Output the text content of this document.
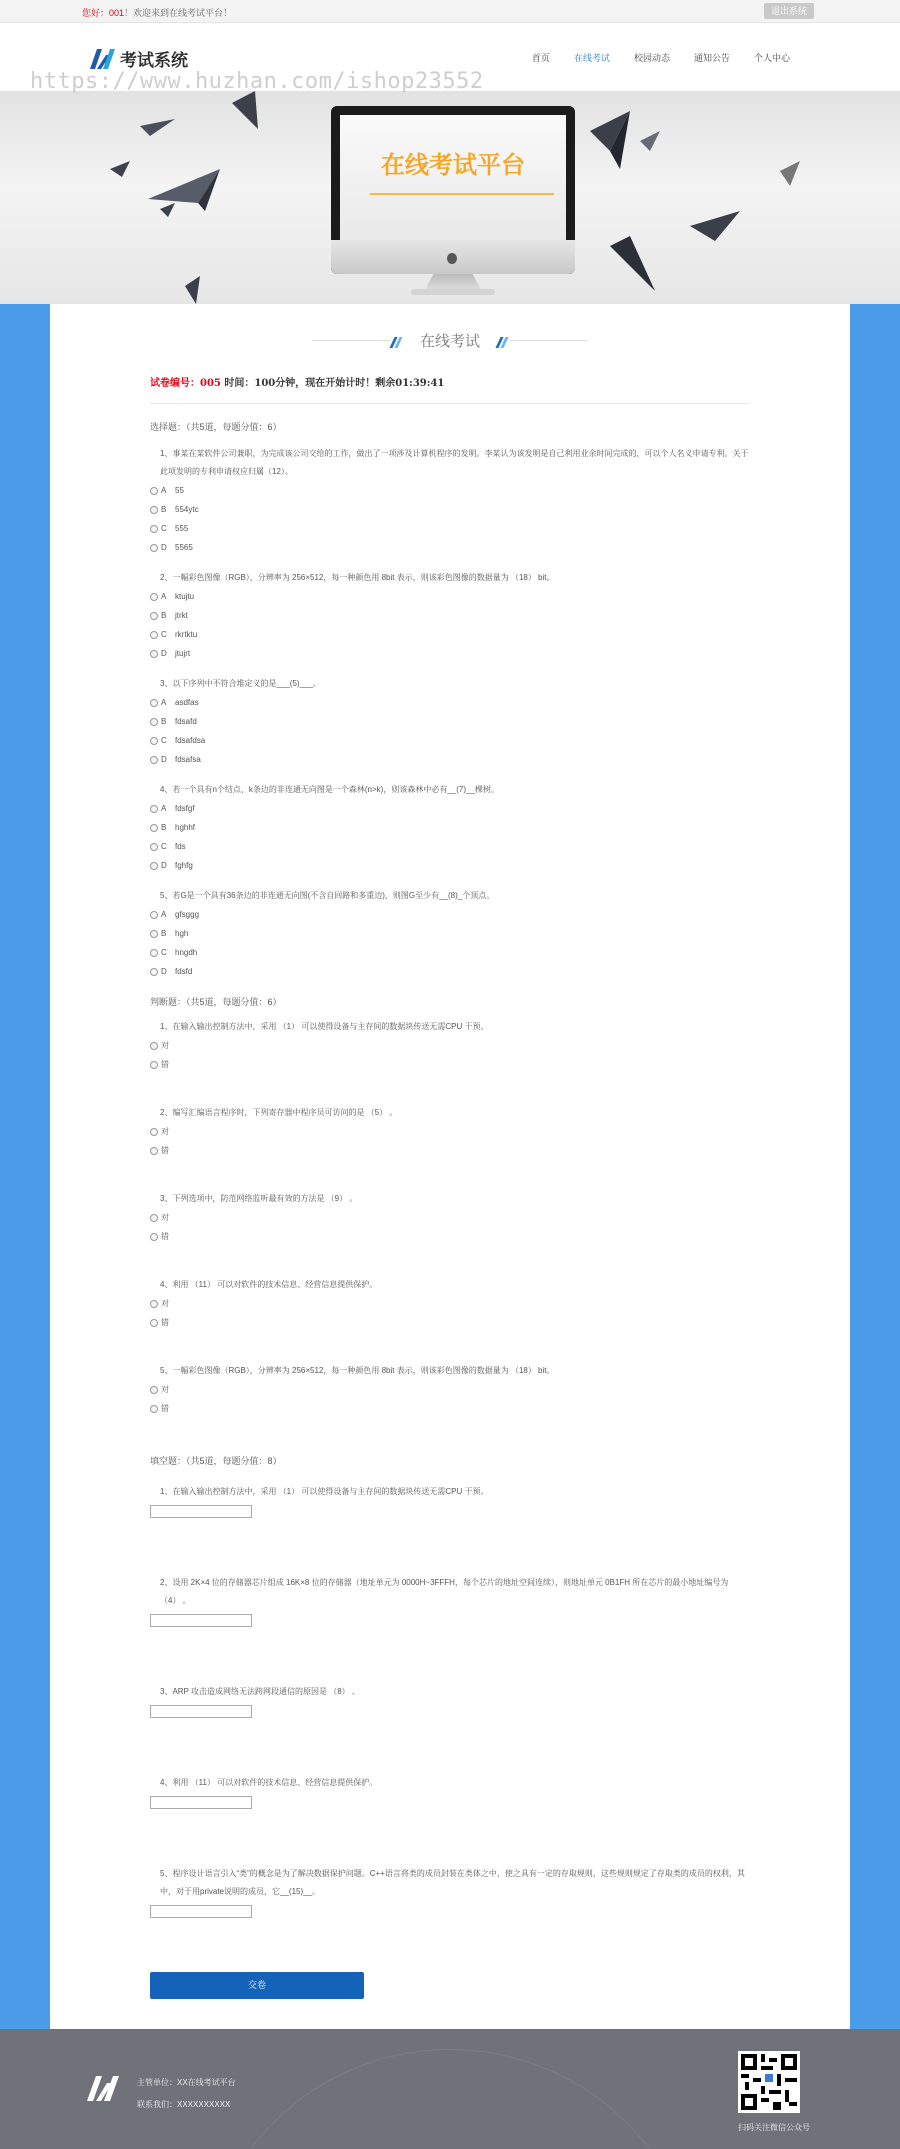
您好：001！欢迎来到在线考试平台！	退出系统
考试系统	首页	在线考试	校园动态	通知公告	个人中心
https://www.huzhan.com/ishop23552
在线考试平台
在线考试
试卷编号：005 时间：100分钟，现在开始计时！剩余01:39:41
选择题：（共5道，每题分值：6）
1、事某在某软件公司兼职，为完成该公司交给的工作，做出了一项涉及计算机程序的发明。李某认为该发明是自己利用业余时间完成的，可以个人名义申请专利。关于此项发明的专利申请权应归属（12）。
A	55
B	554ytc
C	555
D	5565
2、一幅彩色图像（RGB），分辨率为 256×512，每一种颜色用 8bit 表示，则该彩色图像的数据量为 （18） bit。
A	ktujtu
B	jtrkt
C	rkrtktu
D	jtujrt
3、以下序列中不符合堆定义的是___(5)___。
A	asdfas
B	fdsafd
C	fdsafdsa
D	fdsafsa
4、若一个具有n个结点、k条边的非连通无向图是一个森林(n>k)，则该森林中必有__(7)__棵树。
A	fdsfgf
B	hghhf
C	fds
D	fghfg
5、若G是一个具有36条边的非连通无向图(不含自回路和多重边)，则图G至少有__(8)_个顶点。
A	gfsggg
B	hgh
C	hngdh
D	fdsfd
判断题：（共5道，每题分值：6）
1、在输入输出控制方法中，采用 （1） 可以使得设备与主存间的数据块传送无需CPU 干预。
对
错
2、编写汇编语言程序时，下列寄存器中程序员可访问的是 （5） 。
对
错
3、下列选项中，防范网络监听最有效的方法是 （9） 。
对
错
4、利用 （11） 可以对软件的技术信息、经营信息提供保护。
对
错
5、一幅彩色图像（RGB），分辨率为 256×512，每一种颜色用 8bit 表示，则该彩色图像的数据量为 （18） bit。
对
错
填空题：（共5道，每题分值：8）
1、在输入输出控制方法中，采用 （1） 可以使得设备与主存间的数据块传送无需CPU 干预。
2、设用 2K×4 位的存储器芯片组成 16K×8 位的存储器（地址单元为 0000H~3FFFH，每个芯片的地址空间连续），则地址单元 0B1FH 所在芯片的最小地址编号为 （4） 。
3、ARP 攻击造成网络无法跨网段通信的原因是 （8） 。
4、利用 （11） 可以对软件的技术信息、经营信息提供保护。
5、程序设计语言引入“类”的概念是为了解决数据保护问题。C++语言将类的成员封装在类体之中，使之具有一定的存取规则，这些规则规定了存取类的成员的权利，其中，对于用private说明的成员，它__(15)__。
交卷
主管单位：XX在线考试平台
联系我们：XXXXXXXXXX
扫码关注微信公众号
